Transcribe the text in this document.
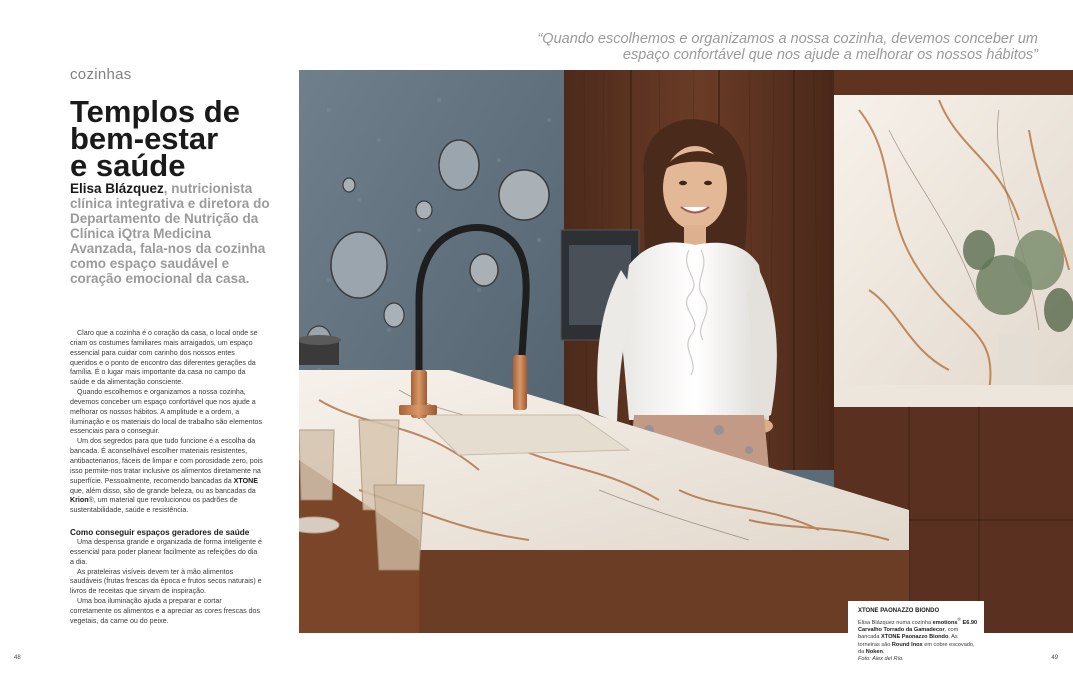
“Quando escolhemos e organizamos a nossa cozinha, devemos conceber um
espaço confortável que nos ajude a melhorar os nossos hábitos”
cozinhas
Templos de
bem-estar
e saúde
Elisa Blázquez, nutricionista clínica integrativa e diretora do Departamento de Nutrição da Clínica iQtra Medicina Avanzada, fala-nos da cozinha como espaço saudável e coração emocional da casa.

Claro que a cozinha é o coração da casa, o local onde se criam os costumes familiares mais arraigados, um espaço essencial para cuidar com carinho dos nossos entes queridos e o ponto de encontro das diferentes gerações da família. É o lugar mais importante da casa no campo da saúde e da alimentação consciente.

Quando escolhemos e organizamos a nossa cozinha, devemos conceber um espaço confortável que nos ajude a melhorar os nossos hábitos. A amplitude e a ordem, a iluminação e os materiais do local de trabalho são elementos essenciais para o conseguir.

Um dos segredos para que tudo funcione é a escolha da bancada. É aconselhável escolher materiais resistentes, antibacterianos, fáceis de limpar e com porosidade zero, pois isso permite-nos tratar inclusive os alimentos diretamente na superfície. Pessoalmente, recomendo bancadas da XTONE que, além disso, são de grande beleza, ou as bancadas da Krion®, um material que revolucionou os padrões de sustentabilidade, saúde e resistência.

Como conseguir espaços geradores de saúde

Uma despensa grande e organizada de forma inteligente é essencial para poder planear facilmente as refeições do dia a dia.

As prateleiras visíveis devem ter à mão alimentos saudáveis (frutas frescas da época e frutos secos naturais) e livros de receitas que sirvam de inspiração.

Uma boa iluminação ajuda a preparar e cortar corretamente os alimentos e a apreciar as cores frescas dos vegetais, da carne ou do peixe.

XTONE PAONAZZO BIONDO
Elisa Blázquez numa cozinha emotions® E6.90 Carvalho Torrado da Gamadecor, com bancada XTONE Paonazzo Biondo. As torneiras são Round Inox em cobre escovado, da Noken.
Foto: Alex del Río.
48	49
